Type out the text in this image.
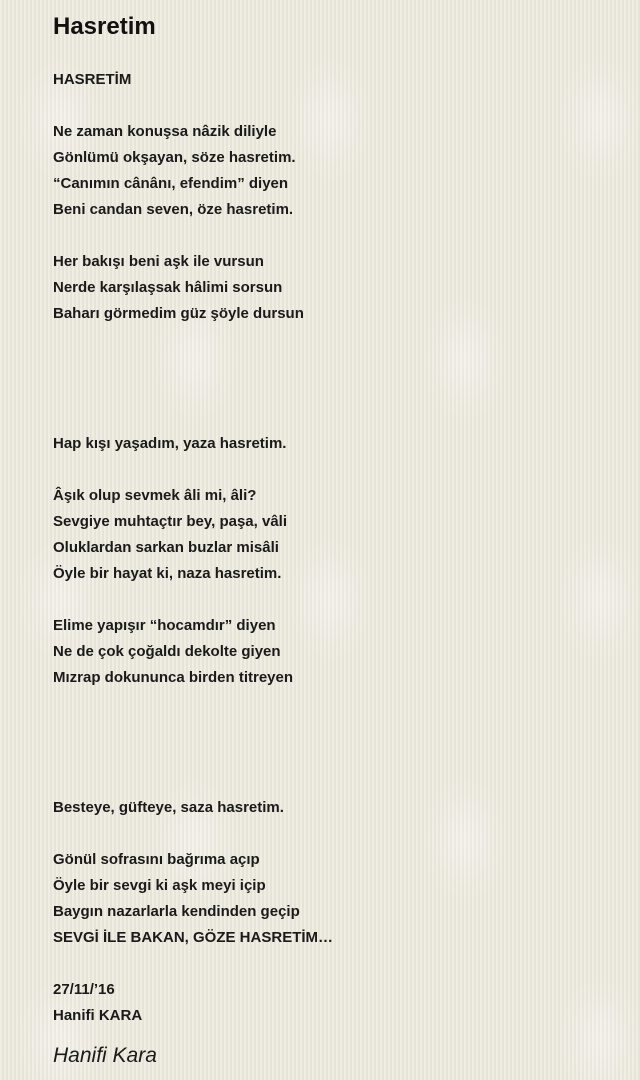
Hasretim
HASRETİM
Ne zaman konuşsa nâzik diliyle
Gönlümü okşayan, söze hasretim.
“Canımın cânânı, efendim” diyen
Beni candan seven, öze hasretim.
Her bakışı beni aşk ile vursun
Nerde karşılaşsak hâlimi sorsun
Baharı görmedim güz şöyle dursun
Hap kışı yaşadım, yaza hasretim.
Âşık olup sevmek âli mi, âli?
Sevgiye muhtaçtır bey, paşa, vâli
Oluklardan sarkan buzlar misâli
Öyle bir hayat ki, naza hasretim.
Elime yapışır “hocamdır” diyen
Ne de çok çoğaldı dekolte giyen
Mızrap dokununca birden titreyen
Besteye, güfteye, saza hasretim.
Gönül sofrasını bağrıma açıp
Öyle bir sevgi ki aşk meyi içip
Baygın nazarlarla kendinden geçip
SEVGİ İLE BAKAN, GÖZE HASRETİM…
27/11/’16
Hanifi KARA
Hanifi Kara
